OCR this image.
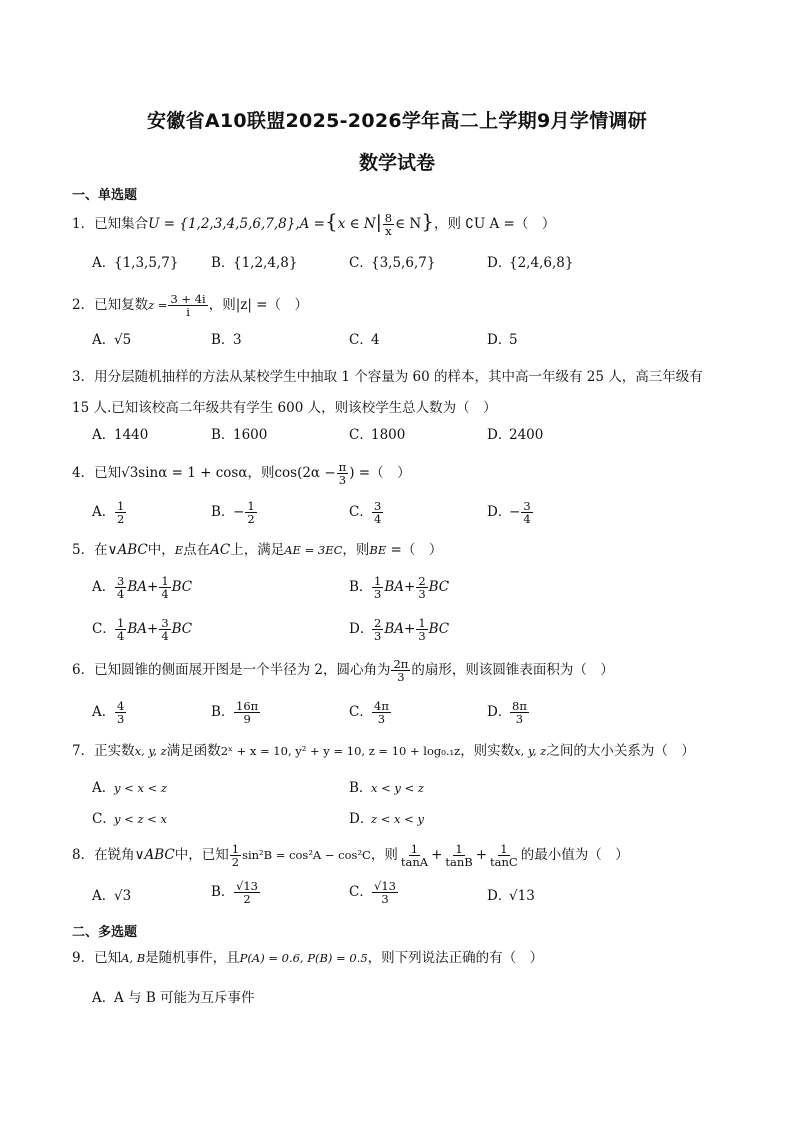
安徽省A10联盟2025-2026学年高二上学期9月学情调研
数学试卷
一、单选题
1．已知集合U = {1,2,3,4,5,6,7,8},A ={x ∈ $N| \frac{8}{x}$ ∈ N}，则 ∁U A =（　）
A．{1,3,5,7} B．{1,2,4,8}	C．{3,5,6,7}	D．{2,4,6,8}
2．已知复数$z = \frac{3 + 4i}{i}$ ，则|z| =（　）
A．√5	B．3	C．4	D．5
3．用分层随机抽样的方法从某校学生中抽取 1 个容量为 60 的样本，其中高一年级有 25 人，高三年级有 15 人.已知该校高二年级共有学生 600 人，则该校学生总人数为（　）
A．1440	B．1600	C．1800	D．2400
4．已知√3sinα = 1 + cosα，则$\cos(2\alpha - \frac{\pi}{3}$ ) =（　）
A． $\frac{1}{2}$	B．− $\frac{1}{2}$	C． $\frac{3}{4}$	D．− $\frac{3}{4}$
5．在∨ABC中，E点在AC上，满足AE = 3EC，则BE =（　）
A． $\frac{3}{4} BA+ \frac{1}{4}$ BC	B． $\frac{1}{3} BA+ \frac{2}{3}$ BC
C． $\frac{1}{4} BA+ \frac{3}{4}$ BC	D．
$\frac{2}{3} BA+ \frac{1}{3}$ BC
6．已知圆锥的侧面展开图是一个半径为 2，圆心角为 $\frac{2\pi}{3}$ 的扇形，则该圆锥表面积为（　）
A． $\frac{4}{3}$	B． $\frac{16\pi}{9}$	C． $\frac{4\pi}{3}$	D．
$\frac{8\pi}{3}$
7．正实数x, y, z满足函数2ˣ + x = 10, y² + y = 10, z = 10 + log₀.₁z，则实数x, y, z之间的大小关系为（　）
A．y < x < z	B．x < y < z
C．y < z < x	D．z < x < y
8．在锐角∨ABC中，已知 $\frac{1}{2} \sin^2B = \cos^2A - \cos^2C$，则 $\frac{1}{\tan A} + \frac{1}{\tan B} + \frac{1}{\tan C}$ 的最小值为（　）
A．√3	B． $\frac{√13}{2}$	C． $\frac{√13}{3}$	D．√13
二、多选题
9．已知A, B是随机事件，且P(A) = 0.6, P(B) = 0.5，则下列说法正确的有（　）
A．A 与 B 可能为互斥事件
